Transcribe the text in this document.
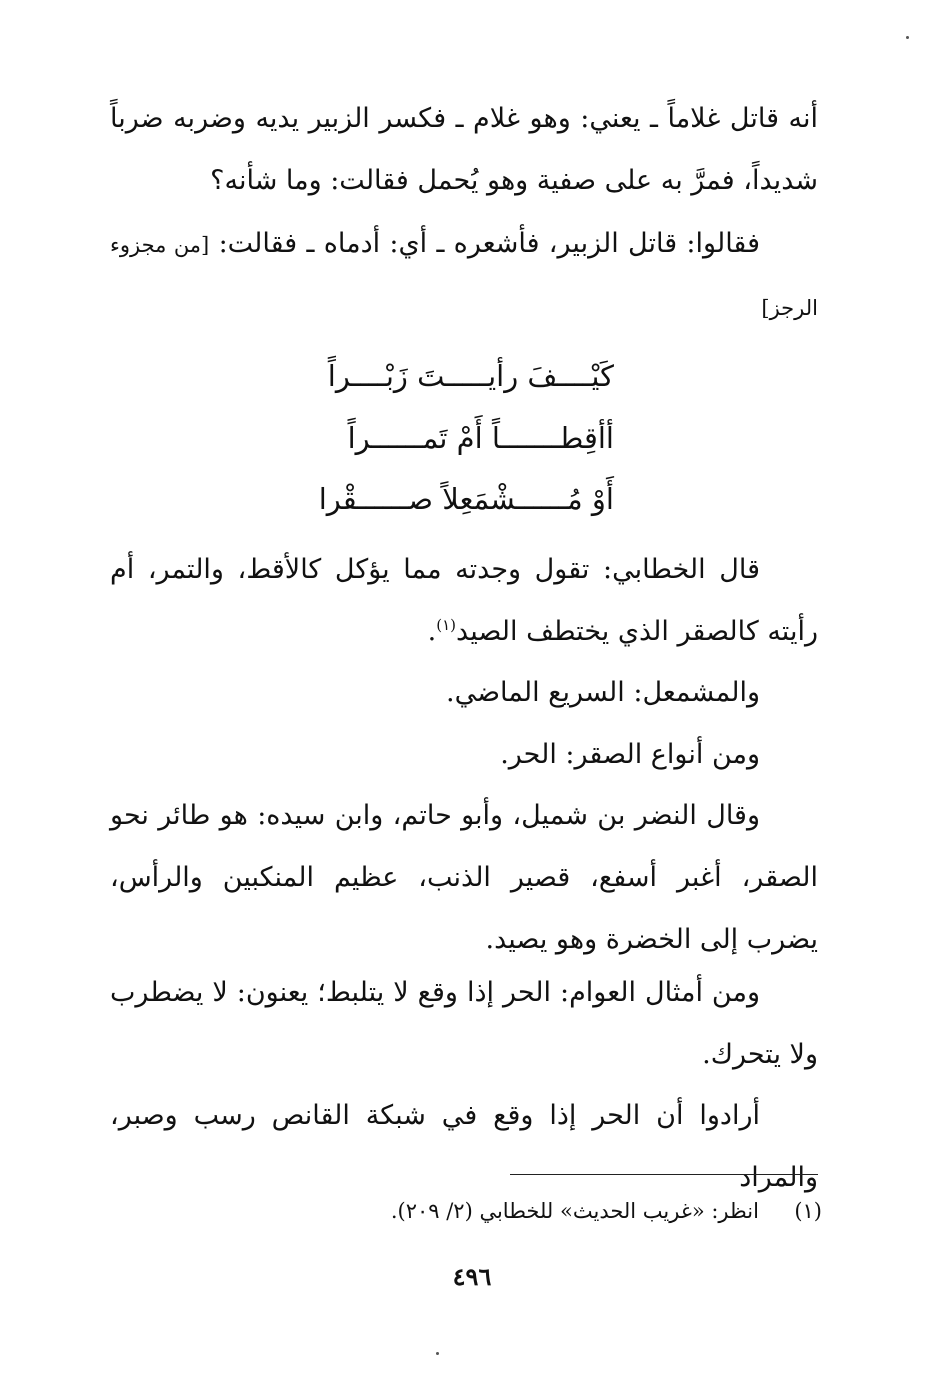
أنه قاتل غلاماً ـ يعني: وهو غلام ـ فكسر الزبير يديه وضربه ضرباً شديداً، فمرَّ به على صفية وهو يُحمل فقالت: وما شأنه؟

فقالوا: قاتل الزبير، فأشعره ـ أي: أدماه ـ فقالت: [من مجزوء الرجز]

كَيْــــفَ رأيـــــتَ زَبْــــراً
أأقِطـــــــاً أَمْ تَمــــــراً
أَوْ مُــــــشْمَعِلاً صــــــقْرا

قال الخطابي: تقول وجدته مما يؤكل كالأقط، والتمر، أم رأيته كالصقر الذي يختطف الصيد$^{(١)}$.

والمشمعل: السريع الماضي.

ومن أنواع الصقر: الحر.

وقال النضر بن شميل، وأبو حاتم، وابن سيده: هو طائر نحو الصقر، أغبر أسفع، قصير الذنب، عظيم المنكبين والرأس، يضرب إلى الخضرة وهو يصيد.

ومن أمثال العوام: الحر إذا وقع لا يتلبط؛ يعنون: لا يضطرب ولا يتحرك.

أرادوا أن الحر إذا وقع في شبكة القانص رسب وصبر، والمراد

(١)  انظر: «غريب الحديث» للخطابي (٢/ ٢٠٩).
٤٩٦
